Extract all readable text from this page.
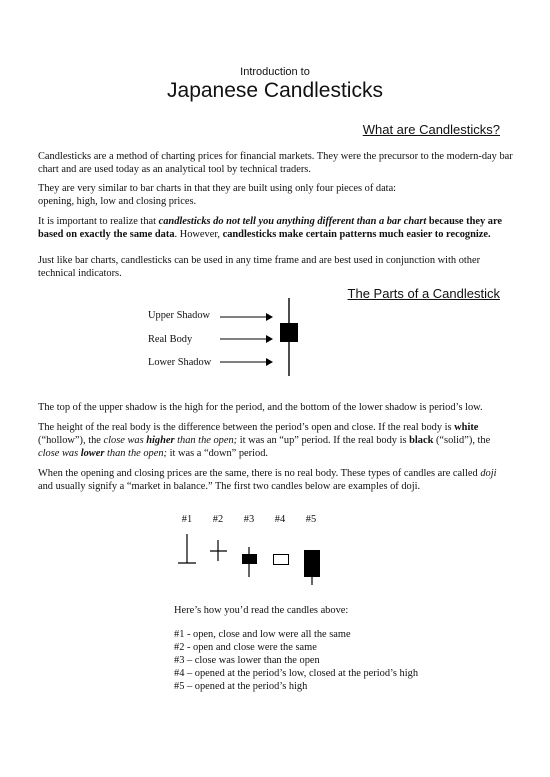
Introduction to
Japanese Candlesticks
What are Candlesticks?
Candlesticks are a method of charting prices for financial markets. They were the precursor to the modern-day bar chart and are used today as an analytical tool by technical traders.
They are very similar to bar charts in that they are built using only four pieces of data:
opening, high, low and closing prices.
It is important to realize that candlesticks do not tell you anything different than a bar chart because they are based on exactly the same data. However, candlesticks make certain patterns much easier to recognize.
Just like bar charts, candlesticks can be used in any time frame and are best used in conjunction with other technical indicators.
The Parts of a Candlestick
Upper Shadow
Real Body
Lower Shadow
The top of the upper shadow is the high for the period, and the bottom of the lower shadow is period’s low.
The height of the real body is the difference between the period’s open and close. If the real body is white (“hollow”), the close was higher than the open; it was an “up” period. If the real body is black (“solid”), the close was lower than the open; it was a “down” period.
When the opening and closing prices are the same, there is no real body. These types of candles are called doji and usually signify a “market in balance.” The first two candles below are examples of doji.
#1	#2	#3	#4	#5
Here’s how you’d read the candles above:
#1 - open, close and low were all the same
#2 - open and close were the same
#3 – close was lower than the open
#4 – opened at the period’s low, closed at the period’s high
#5 – opened at the period’s high
